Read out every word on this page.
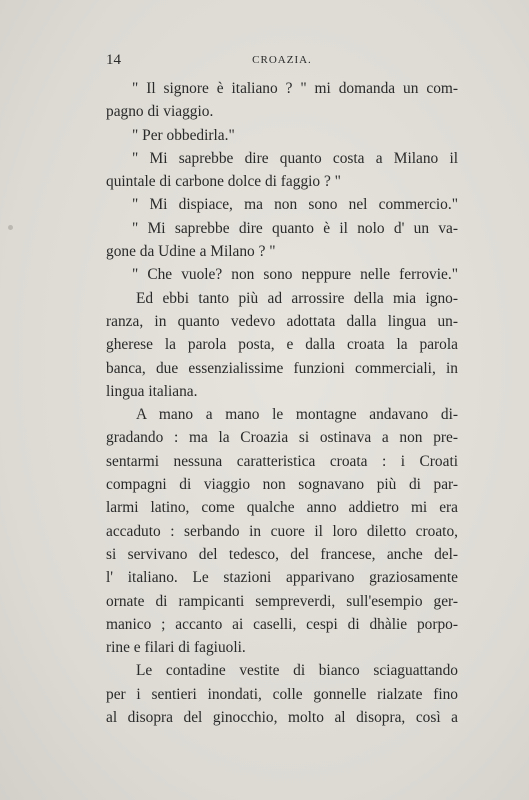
14	CROAZIA.
" Il signore è italiano ? " mi domanda un com-
pagno di viaggio.
" Per obbedirla."
" Mi saprebbe dire quanto costa a Milano il
quintale di carbone dolce di faggio ? "
" Mi dispiace, ma non sono nel commercio."
" Mi saprebbe dire quanto è il nolo d' un va-
gone da Udine a Milano ? "
" Che vuole? non sono neppure nelle ferrovie."
Ed ebbi tanto più ad arrossire della mia igno-
ranza, in quanto vedevo adottata dalla lingua un-
gherese la parola posta, e dalla croata la parola
banca, due essenzialissime funzioni commerciali, in
lingua italiana.
A mano a mano le montagne andavano di-
gradando : ma la Croazia si ostinava a non pre-
sentarmi nessuna caratteristica croata : i Croati
compagni di viaggio non sognavano più di par-
larmi latino, come qualche anno addietro mi era
accaduto : serbando in cuore il loro diletto croato,
si servivano del tedesco, del francese, anche del-
l' italiano. Le stazioni apparivano graziosamente
ornate di rampicanti sempreverdi, sull'esempio ger-
manico ; accanto ai caselli, cespi di dhàlie porpo-
rine e filari di fagiuoli.
Le contadine vestite di bianco sciaguattando
per i sentieri inondati, colle gonnelle rialzate fino
al disopra del ginocchio, molto al disopra, così a
